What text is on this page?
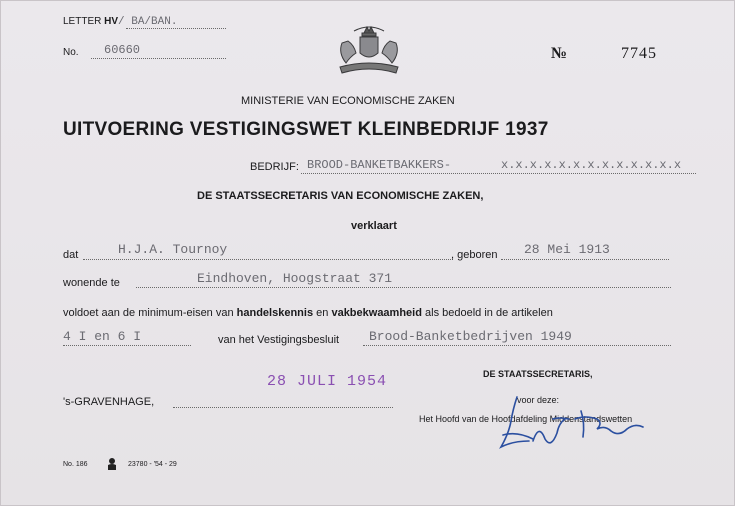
LETTER HV/ BA/BAN.
No. 60660	№	7745
MINISTERIE VAN ECONOMISCHE ZAKEN
UITVOERING VESTIGINGSWET KLEINBEDRIJF 1937
BEDRIJF: BROOD-BANKETBAKKERS-	x.x.x.x.x.x.x.x.x.x.x.x.x
DE STAATSSECRETARIS VAN ECONOMISCHE ZAKEN,
verklaart
dat	H.J.A. Tournoy	, geboren 28 Mei 1913
wonende te	Eindhoven, Hoogstraat 371
voldoet aan de minimum-eisen van handelskennis en vakbekwaamheid als bedoeld in de artikelen
4 I en 6 I	van het Vestigingsbesluit Brood-Banketbedrijven 1949
28 JULI 1954
's-GRAVENHAGE,
DE STAATSSECRETARIS,
voor deze:
Het Hoofd van de Hoofdafdeling Middenstandswetten
No. 186	23780 - '54 - 29
